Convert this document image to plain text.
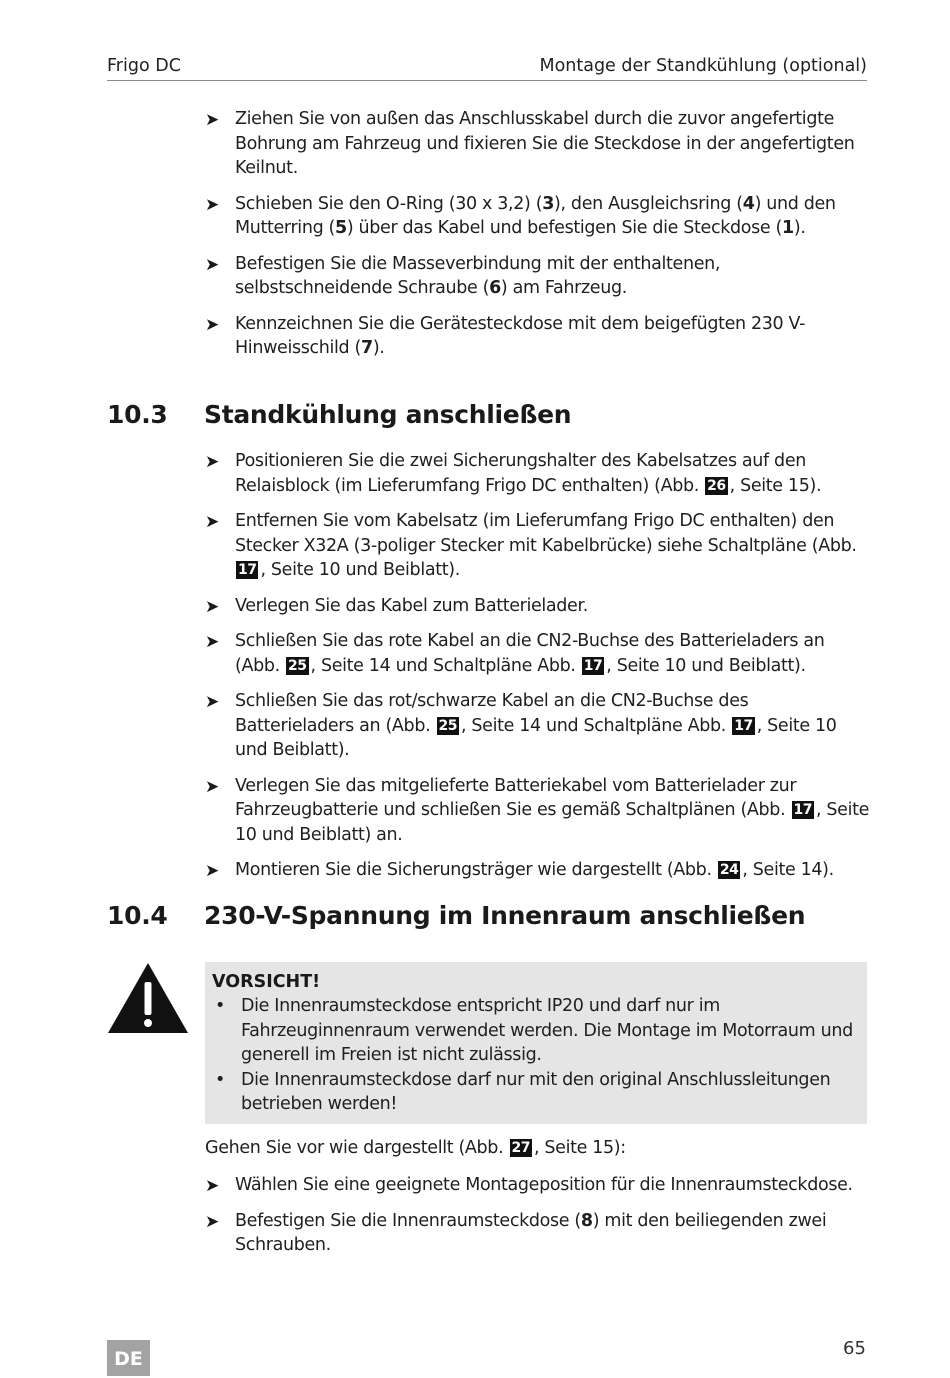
Frigo DC	Montage der Standkühlung (optional)
➤ Ziehen Sie von außen das Anschlusskabel durch die zuvor angefertigte Bohrung am Fahrzeug und fixieren Sie die Steckdose in der angefertigten Keilnut.
➤ Schieben Sie den O-Ring (30 x 3,2) (3), den Ausgleichsring (4) und den Mutterring (5) über das Kabel und befestigen Sie die Steckdose (1).
➤ Befestigen Sie die Masseverbindung mit der enthaltenen, selbstschneidende Schraube (6) am Fahrzeug.
➤ Kennzeichnen Sie die Gerätesteckdose mit dem beigefügten 230 V-Hinweisschild (7).
10.3 Standkühlung anschließen
➤ Positionieren Sie die zwei Sicherungshalter des Kabelsatzes auf den Relaisblock (im Lieferumfang Frigo DC enthalten) (Abb. 26 , Seite 15).
➤ Entfernen Sie vom Kabelsatz (im Lieferumfang Frigo DC enthalten) den Stecker X32A (3-poliger Stecker mit Kabelbrücke) siehe Schaltpläne (Abb. 17 , Seite 10 und Beiblatt).
➤ Verlegen Sie das Kabel zum Batterielader.
➤ Schließen Sie das rote Kabel an die CN2-Buchse des Batterieladers an (Abb. 25 , Seite 14 und Schaltpläne Abb. 17 , Seite 10 und Beiblatt).
➤ Schließen Sie das rot/schwarze Kabel an die CN2-Buchse des Batterieladers an (Abb. 25 , Seite 14 und Schaltpläne Abb. 17 , Seite 10 und Beiblatt).
➤ Verlegen Sie das mitgelieferte Batteriekabel vom Batterielader zur Fahrzeugbatterie und schließen Sie es gemäß Schaltplänen (Abb. 17 , Seite 10 und Beiblatt) an.
➤ Montieren Sie die Sicherungsträger wie dargestellt (Abb. 24 , Seite 14).
10.4 230-V-Spannung im Innenraum anschließen
VORSICHT!
• Die Innenraumsteckdose entspricht IP20 und darf nur im Fahrzeuginnenraum verwendet werden. Die Montage im Motorraum und generell im Freien ist nicht zulässig.
• Die Innenraumsteckdose darf nur mit den original Anschlussleitungen betrieben werden!
Gehen Sie vor wie dargestellt (Abb. 27 , Seite 15):
➤ Wählen Sie eine geeignete Montageposition für die Innenraumsteckdose.
➤ Befestigen Sie die Innenraumsteckdose (8) mit den beiliegenden zwei Schrauben.
DE	65
